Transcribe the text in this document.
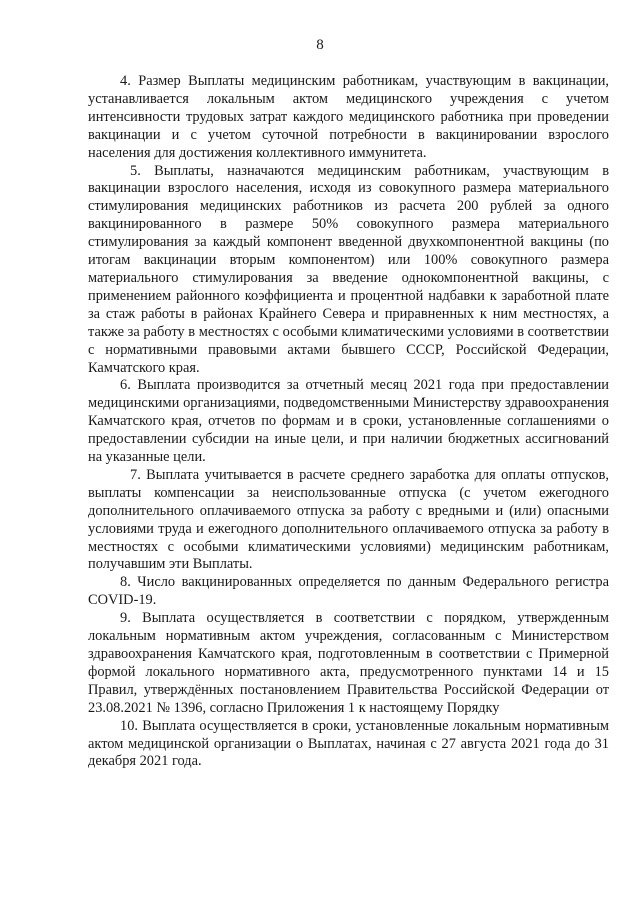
8

4. Размер Выплаты медицинским работникам, участвующим в вакцинации, устанавливается локальным актом медицинского учреждения с учетом интенсивности трудовых затрат каждого медицинского работника при проведении вакцинации и с учетом суточной потребности в вакцинировании взрослого населения для достижения коллективного иммунитета.

5. Выплаты, назначаются медицинским работникам, участвующим в вакцинации взрослого населения, исходя из совокупного размера материального стимулирования медицинских работников из расчета 200 рублей за одного вакцинированного в размере 50% совокупного размера материального стимулирования за каждый компонент введенной двухкомпонентной вакцины (по итогам вакцинации вторым компонентом) или 100% совокупного размера материального стимулирования за введение однокомпонентной вакцины, с применением районного коэффициента и процентной надбавки к заработной плате за стаж работы в районах Крайнего Севера и приравненных к ним местностях, а также за работу в местностях с особыми климатическими условиями в соответствии с нормативными правовыми актами бывшего СССР, Российской Федерации, Камчатского края.

6. Выплата производится за отчетный месяц 2021 года при предоставлении медицинскими организациями, подведомственными Министерству здравоохранения Камчатского края, отчетов по формам и в сроки, установленные соглашениями о предоставлении субсидии на иные цели, и при наличии бюджетных ассигнований на указанные цели.

7. Выплата учитывается в расчете среднего заработка для оплаты отпусков, выплаты компенсации за неиспользованные отпуска (с учетом ежегодного дополнительного оплачиваемого отпуска за работу с вредными и (или) опасными условиями труда и ежегодного дополнительного оплачиваемого отпуска за работу в местностях с особыми климатическими условиями) медицинским работникам, получавшим эти Выплаты.

8. Число вакцинированных определяется по данным Федерального регистра COVID-19.

9. Выплата осуществляется в соответствии с порядком, утвержденным локальным нормативным актом учреждения, согласованным с Министерством здравоохранения Камчатского края, подготовленным в соответствии с Примерной формой локального нормативного акта, предусмотренного пунктами 14 и 15 Правил, утверждённых постановлением Правительства Российской Федерации от 23.08.2021 № 1396, согласно Приложения 1 к настоящему Порядку

10. Выплата осуществляется в сроки, установленные локальным нормативным актом медицинской организации о Выплатах, начиная с 27 августа 2021 года до 31 декабря 2021 года.
